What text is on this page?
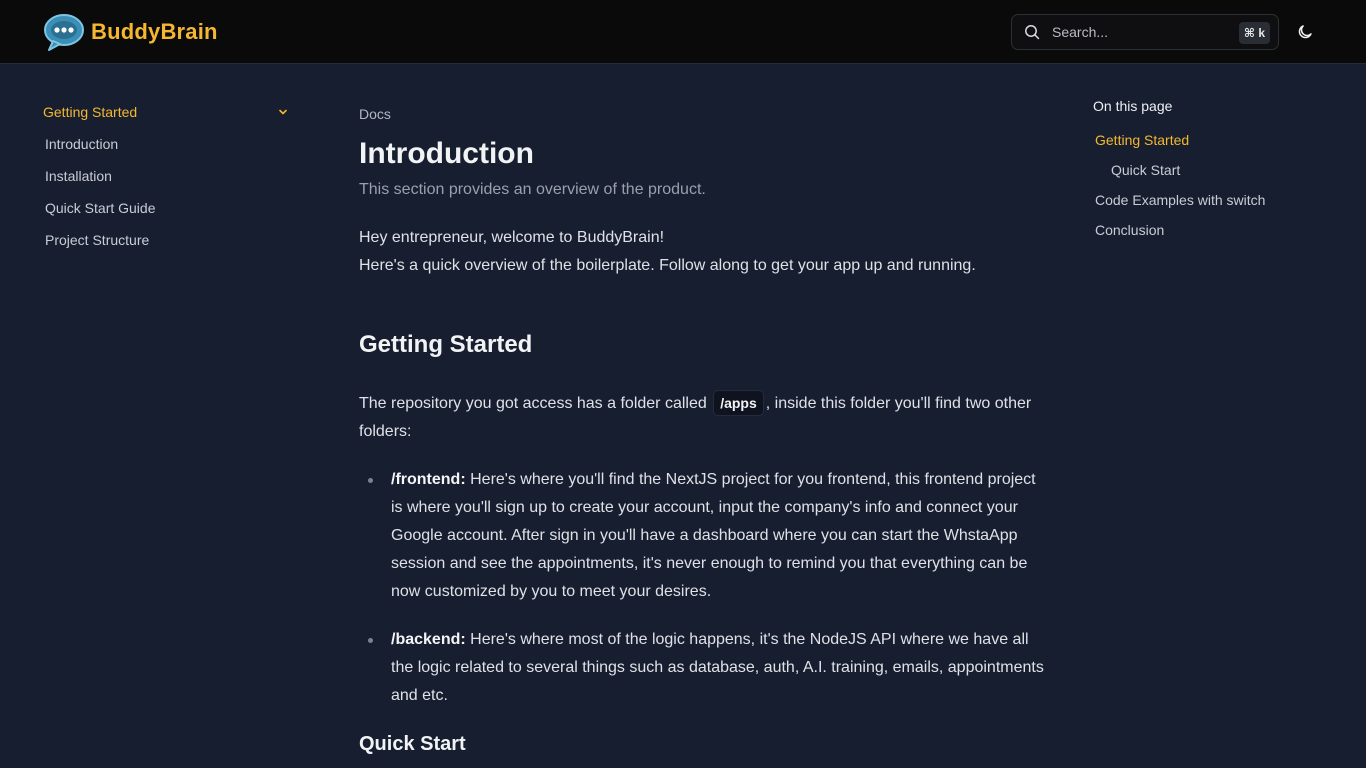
BuddyBrain
Search...	⌘ k
Getting Started
Introduction
Installation
Quick Start Guide
Project Structure
Docs
Introduction

This section provides an overview of the product.

Hey entrepreneur, welcome to BuddyBrain!

Here's a quick overview of the boilerplate. Follow along to get your app up and running.

Getting Started

The repository you got access has a folder called /apps , inside this folder you'll find two other folders:

/frontend: Here's where you'll find the NextJS project for you frontend, this frontend project is where you'll sign up to create your account, input the company's info and connect your Google account. After sign in you'll have a dashboard where you can start the WhstaApp session and see the appointments, it's never enough to remind you that everything can be now customized by you to meet your desires.
/backend: Here's where most of the logic happens, it's the NodeJS API where we have all the logic related to several things such as database, auth, A.I. training, emails, appointments and etc.
Quick Start
On this page
Getting Started
Quick Start
Code Examples with switch
Conclusion
